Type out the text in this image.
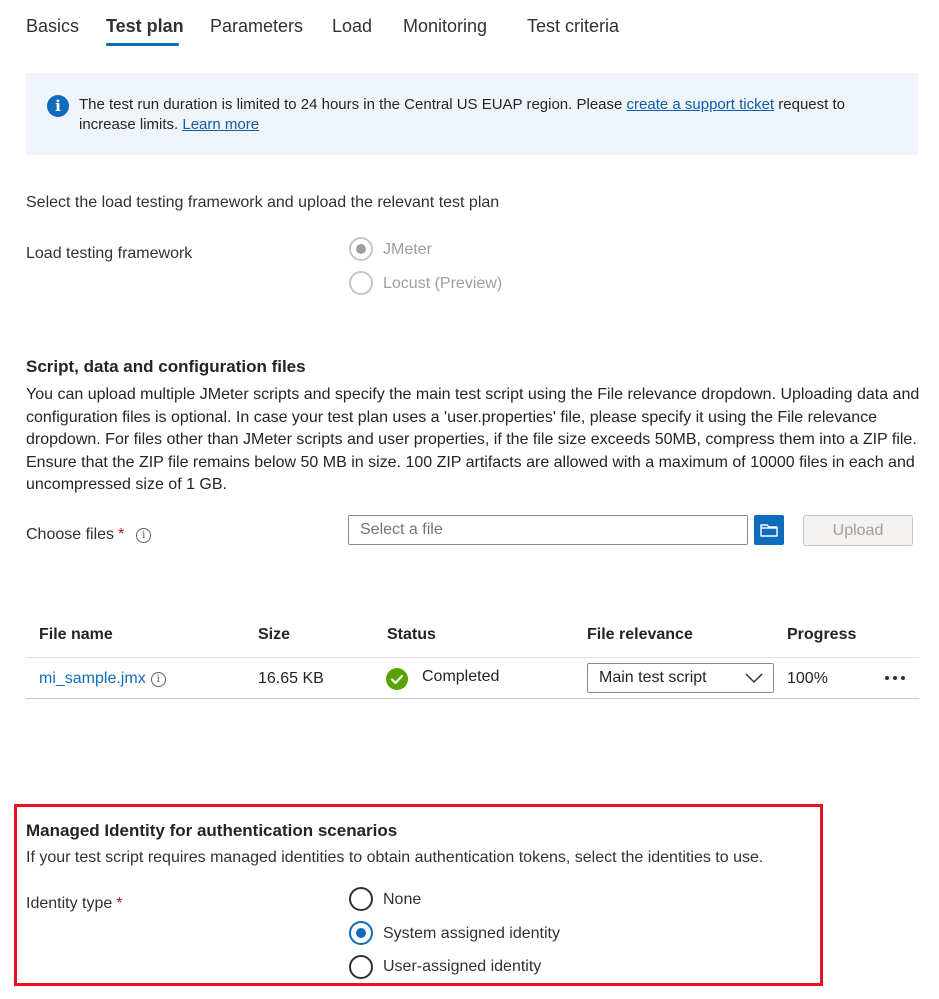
Basics Test plan Parameters Load Monitoring Test criteria
i	The test run duration is limited to 24 hours in the Central US EUAP region. Please create a support ticket request to increase limits. Learn more
Select the load testing framework and upload the relevant test plan
Load testing framework	JMeter
Locust (Preview)
Script, data and configuration files
You can upload multiple JMeter scripts and specify the main test script using the File relevance dropdown. Uploading data and configuration files is optional. In case your test plan uses a 'user.properties' file, please specify it using the File relevance dropdown. For files other than JMeter scripts and user properties, if the file size exceeds 50MB, compress them into a ZIP file. Ensure that the ZIP file remains below 50 MB in size. 100 ZIP artifacts are allowed with a maximum of 10000 files in each and uncompressed size of 1 GB.
Choose files * i
Select a file	Upload
File name	Size	Status	File relevance	Progress
mi_sample.jmx i	16.65 KB	Completed	Main test script	100%
Managed Identity for authentication scenarios
If your test script requires managed identities to obtain authentication tokens, select the identities to use.
Identity type *	None
System assigned identity
User-assigned identity
